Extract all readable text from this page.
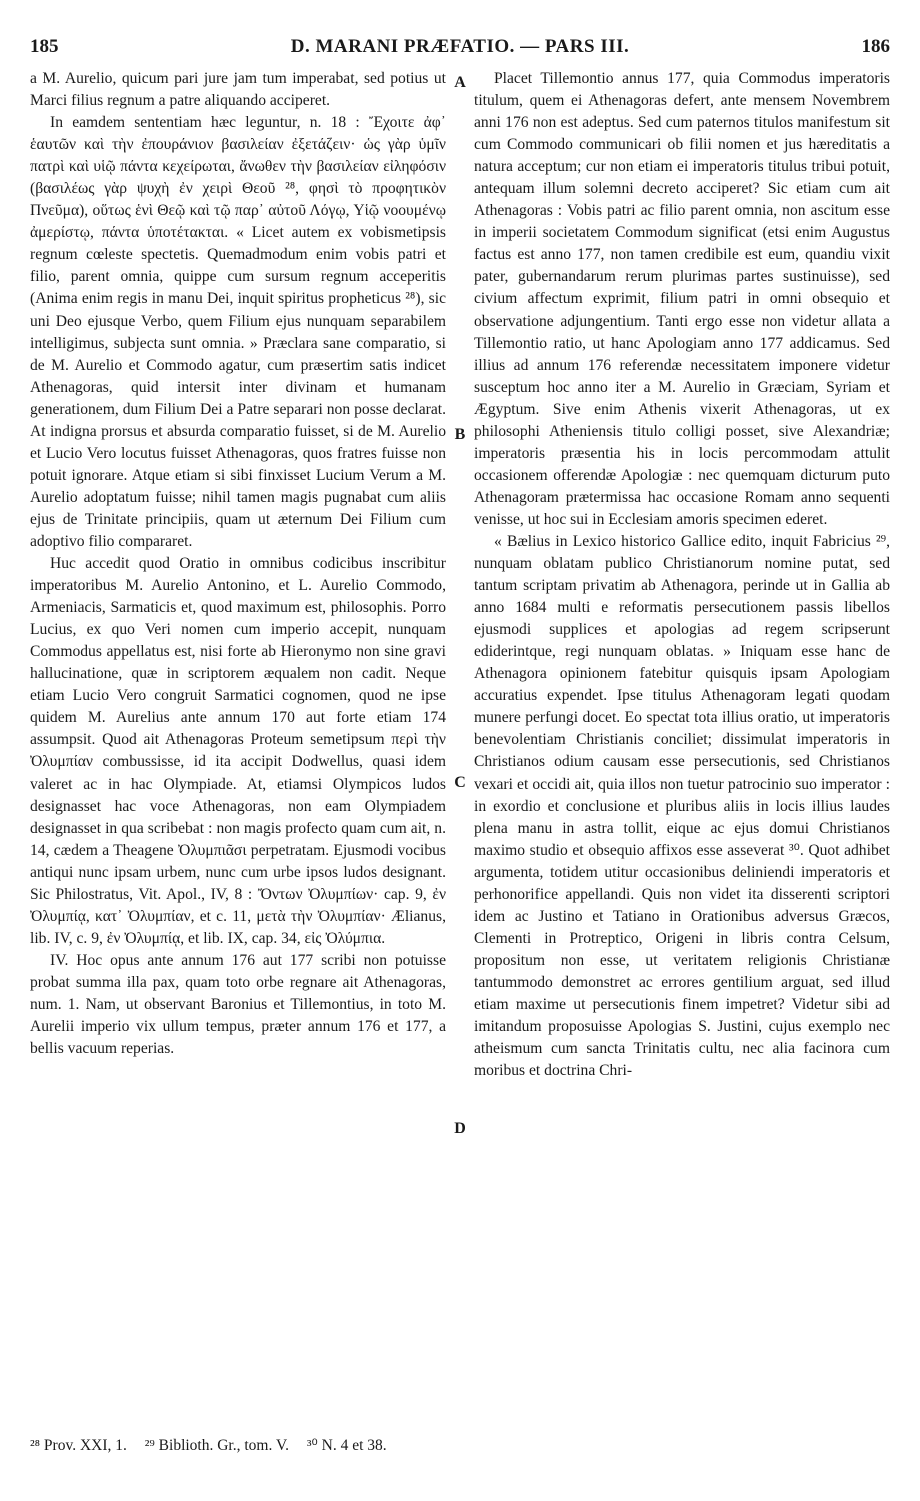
185	D. MARANI PRÆFATIO. — PARS III.	186

a M. Aurelio, quicum pari jure jam tum imperabat, sed potius ut Marci filius regnum a patre aliquando acciperet.

In eamdem sententiam hæc leguntur, n. 18 : Ἔχοιτε ἀφ᾽ ἑαυτῶν καὶ τὴν ἐπουράνιον βασιλείαν ἐξετάζειν· ὡς γὰρ ὑμῖν πατρὶ καὶ υἱῷ πάντα κεχείρωται, ἄνωθεν τὴν βασιλείαν εἰληφόσιν (βασιλέως γὰρ ψυχὴ ἐν χειρὶ Θεοῦ ²⁸, φησὶ τὸ προφητικὸν Πνεῦμα), οὕτως ἑνὶ Θεῷ καὶ τῷ παρ᾽ αὐτοῦ Λόγῳ, Υἱῷ νοουμένῳ ἀμερίστῳ, πάντα ὑποτέτακται. « Licet autem ex vobismetipsis regnum cœleste spectetis. Quemadmodum enim vobis patri et filio, parent omnia, quippe cum sursum regnum acceperitis (Anima enim regis in manu Dei, inquit spiritus propheticus ²⁸), sic uni Deo ejusque Verbo, quem Filium ejus nunquam separabilem intelligimus, subjecta sunt omnia. » Præclara sane comparatio, si de M. Aurelio et Commodo agatur, cum præsertim satis indicet Athenagoras, quid intersit inter divinam et humanam generationem, dum Filium Dei a Patre separari non posse declarat. At indigna prorsus et absurda comparatio fuisset, si de M. Aurelio et Lucio Vero locutus fuisset Athenagoras, quos fratres fuisse non potuit ignorare. Atque etiam si sibi finxisset Lucium Verum a M. Aurelio adoptatum fuisse; nihil tamen magis pugnabat cum aliis ejus de Trinitate principiis, quam ut æternum Dei Filium cum adoptivo filio compararet.

Huc accedit quod Oratio in omnibus codicibus inscribitur imperatoribus M. Aurelio Antonino, et L. Aurelio Commodo, Armeniacis, Sarmaticis et, quod maximum est, philosophis. Porro Lucius, ex quo Veri nomen cum imperio accepit, nunquam Commodus appellatus est, nisi forte ab Hieronymo non sine gravi hallucinatione, quæ in scriptorem æqualem non cadit. Neque etiam Lucio Vero congruit Sarmatici cognomen, quod ne ipse quidem M. Aurelius ante annum 170 aut forte etiam 174 assumpsit. Quod ait Athenagoras Proteum semetipsum περὶ τὴν Ὀλυμπίαν combussisse, id ita accipit Dodwellus, quasi idem valeret ac in hac Olympiade. At, etiamsi Olympicos ludos designasset hac voce Athenagoras, non eam Olympiadem designasset in qua scribebat : non magis profecto quam cum ait, n. 14, cædem a Theagene Ὀλυμπιᾶσι perpetratam. Ejusmodi vocibus antiqui nunc ipsam urbem, nunc cum urbe ipsos ludos designant. Sic Philostratus, Vit. Apol., IV, 8 : Ὄντων Ὀλυμπίων· cap. 9, ἐν Ὀλυμπίᾳ, κατ᾽ Ὀλυμπίαν, et c. 11, μετὰ τὴν Ὀλυμπίαν· Ælianus, lib. IV, c. 9, ἐν Ὀλυμπίᾳ, et lib. IX, cap. 34, εἰς Ὀλύμπια.

IV. Hoc opus ante annum 176 aut 177 scribi non potuisse probat summa illa pax, quam toto orbe regnare ait Athenagoras, num. 1. Nam, ut observant Baronius et Tillemontius, in toto M. Aurelii imperio vix ullum tempus, præter annum 176 et 177, a bellis vacuum reperias.

A
B
C
D

Placet Tillemontio annus 177, quia Commodus imperatoris titulum, quem ei Athenagoras defert, ante mensem Novembrem anni 176 non est adeptus. Sed cum paternos titulos manifestum sit cum Commodo communicari ob filii nomen et jus hæreditatis a natura acceptum; cur non etiam ei imperatoris titulus tribui potuit, antequam illum solemni decreto acciperet? Sic etiam cum ait Athenagoras : Vobis patri ac filio parent omnia, non ascitum esse in imperii societatem Commodum significat (etsi enim Augustus factus est anno 177, non tamen credibile est eum, quandiu vixit pater, gubernandarum rerum plurimas partes sustinuisse), sed civium affectum exprimit, filium patri in omni obsequio et observatione adjungentium. Tanti ergo esse non videtur allata a Tillemontio ratio, ut hanc Apologiam anno 177 addicamus. Sed illius ad annum 176 referendæ necessitatem imponere videtur susceptum hoc anno iter a M. Aurelio in Græciam, Syriam et Ægyptum. Sive enim Athenis vixerit Athenagoras, ut ex philosophi Atheniensis titulo colligi posset, sive Alexandriæ; imperatoris præsentia his in locis percommodam attulit occasionem offerendæ Apologiæ : nec quemquam dicturum puto Athenagoram prætermissa hac occasione Romam anno sequenti venisse, ut hoc sui in Ecclesiam amoris specimen ederet.

« Bælius in Lexico historico Gallice edito, inquit Fabricius ²⁹, nunquam oblatam publico Christianorum nomine putat, sed tantum scriptam privatim ab Athenagora, perinde ut in Gallia ab anno 1684 multi e reformatis persecutionem passis libellos ejusmodi supplices et apologias ad regem scripserunt ediderintque, regi nunquam oblatas. » Iniquam esse hanc de Athenagora opinionem fatebitur quisquis ipsam Apologiam accuratius expendet. Ipse titulus Athenagoram legati quodam munere perfungi docet. Eo spectat tota illius oratio, ut imperatoris benevolentiam Christianis conciliet; dissimulat imperatoris in Christianos odium causam esse persecutionis, sed Christianos vexari et occidi ait, quia illos non tuetur patrocinio suo imperator : in exordio et conclusione et pluribus aliis in locis illius laudes plena manu in astra tollit, eique ac ejus domui Christianos maximo studio et obsequio affixos esse asseverat ³⁰. Quot adhibet argumenta, totidem utitur occasionibus deliniendi imperatoris et perhonorifice appellandi. Quis non videt ita disserenti scriptori idem ac Justino et Tatiano in Orationibus adversus Græcos, Clementi in Protreptico, Origeni in libris contra Celsum, propositum non esse, ut veritatem religionis Christianæ tantummodo demonstret ac errores gentilium arguat, sed illud etiam maxime ut persecutionis finem impetret? Videtur sibi ad imitandum proposuisse Apologias S. Justini, cujus exemplo nec atheismum cum sancta Trinitatis cultu, nec alia facinora cum moribus et doctrina Chri-

²⁸ Prov. XXI, 1. ²⁹ Biblioth. Gr., tom. V. ³⁰ N. 4 et 38.
